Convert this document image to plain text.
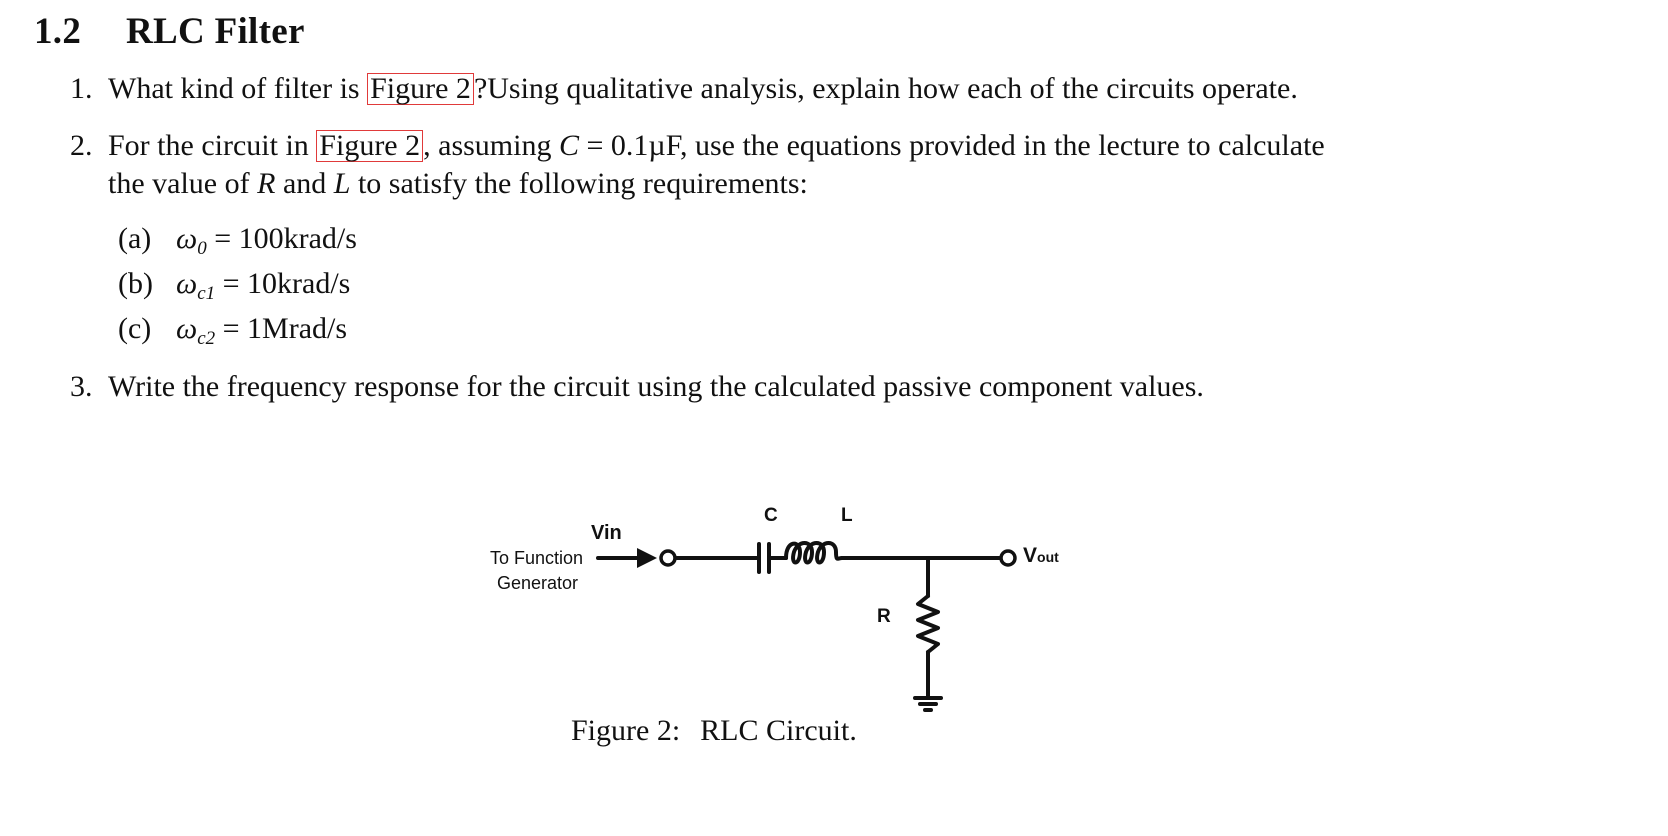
1.2 RLC Filter
1. What kind of filter is Figure 2 ?Using qualitative analysis, explain how each of the circuits operate.
2. For the circuit in Figure 2 , assuming C = 0.1µF, use the equations provided in the lecture to calculate
the value of R and L to satisfy the following requirements:
(a) $\omega_0$ = 100krad/s
(b) $\omega_{c1}$ = 10krad/s
(c) $\omega_{c2}$ = 1Mrad/s
3. Write the frequency response for the circuit using the calculated passive component values.
Vin
To Function
Generator
C	L
R
Vout
Figure 2: RLC Circuit.
